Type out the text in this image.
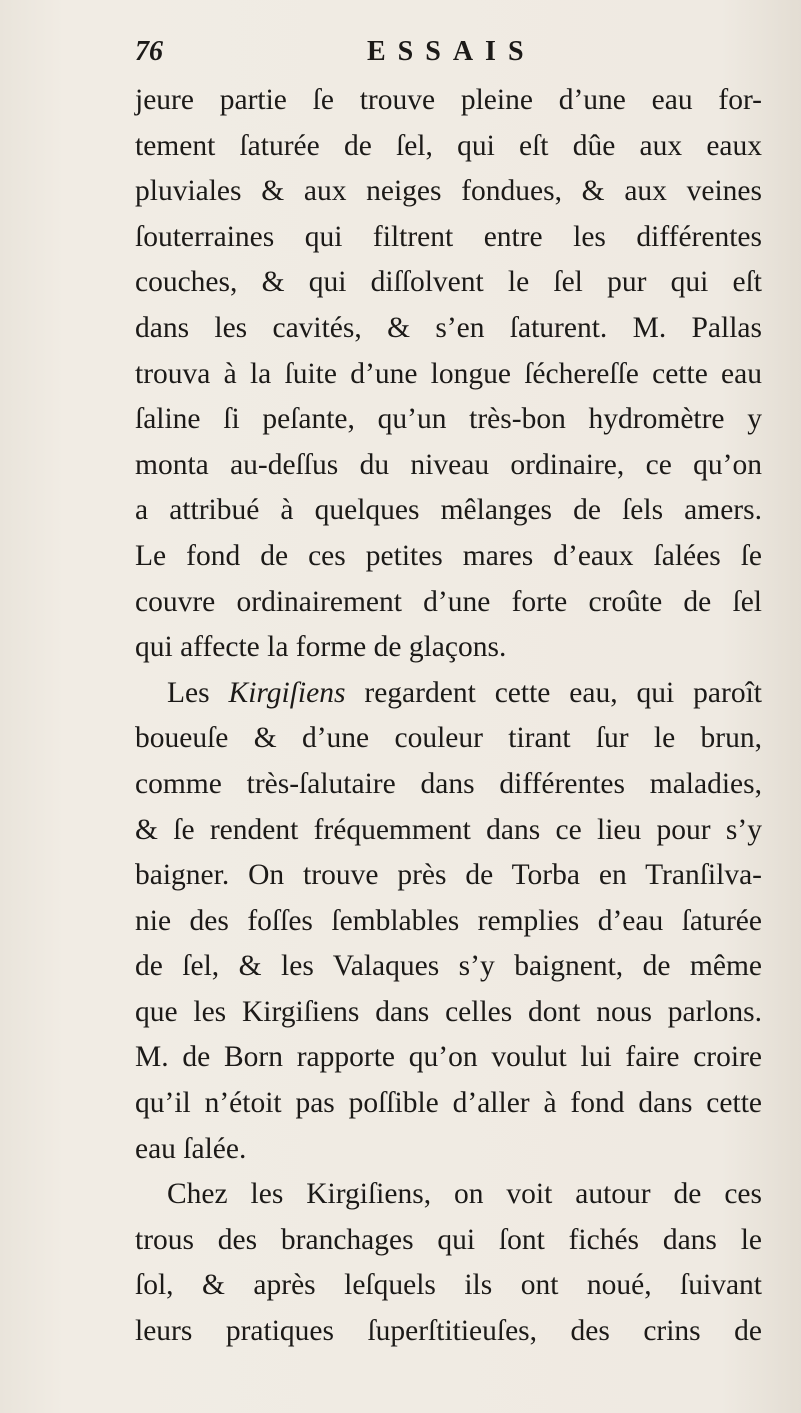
76	ESSAIS
jeure partie ſe trouve pleine d’une eau for-
tement ſaturée de ſel, qui eſt dûe aux eaux
pluviales & aux neiges fondues, & aux veines
ſouterraines qui filtrent entre les différentes
couches, & qui diſſolvent le ſel pur qui eſt
dans les cavités, & s’en ſaturent. M. Pallas
trouva à la ſuite d’une longue ſéchereſſe cette eau
ſaline ſi peſante, qu’un très-bon hydromètre y
monta au-deſſus du niveau ordinaire, ce qu’on
a attribué à quelques mêlanges de ſels amers.
Le fond de ces petites mares d’eaux ſalées ſe
couvre ordinairement d’une forte croûte de ſel
qui affecte la forme de glaçons.
Les Kirgiſiens regardent cette eau, qui paroît
boueuſe & d’une couleur tirant ſur le brun,
comme très-ſalutaire dans différentes maladies,
& ſe rendent fréquemment dans ce lieu pour s’y
baigner. On trouve près de Torba en Tranſilva-
nie des foſſes ſemblables remplies d’eau ſaturée
de ſel, & les Valaques s’y baignent, de même
que les Kirgiſiens dans celles dont nous parlons.
M. de Born rapporte qu’on voulut lui faire croire
qu’il n’étoit pas poſſible d’aller à fond dans cette
eau ſalée.
Chez les Kirgiſiens, on voit autour de ces
trous des branchages qui ſont fichés dans le
ſol, & après leſquels ils ont noué, ſuivant
leurs pratiques ſuperſtitieuſes, des crins de
